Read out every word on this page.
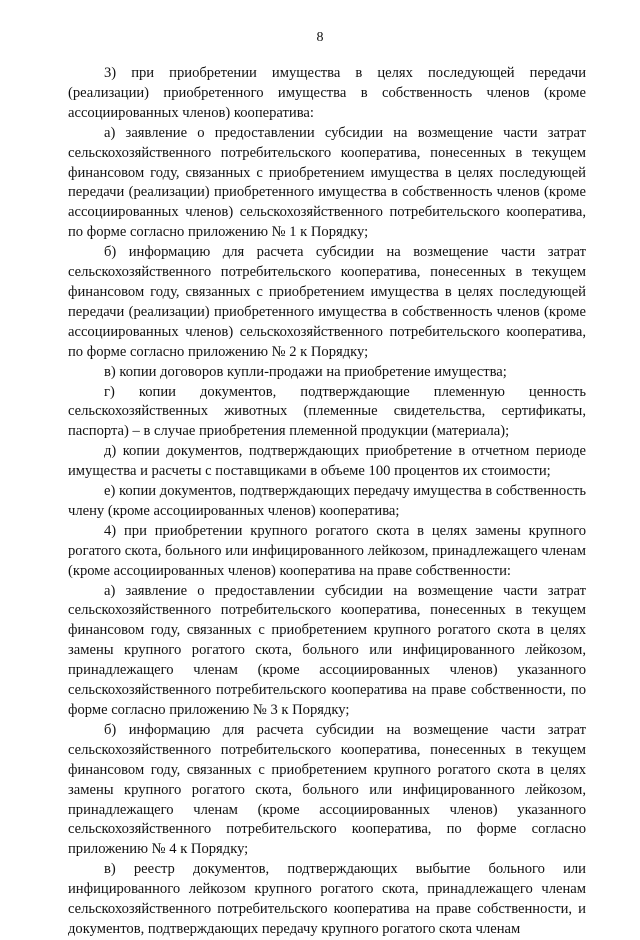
8

3) при приобретении имущества в целях последующей передачи (реализации) приобретенного имущества в собственность членов (кроме ассоциированных членов) кооператива:

а) заявление о предоставлении субсидии на возмещение части затрат сельскохозяйственного потребительского кооператива, понесенных в текущем финансовом году, связанных с приобретением имущества в целях последующей передачи (реализации) приобретенного имущества в собственность членов (кроме ассоциированных членов) сельскохозяйственного потребительского кооператива, по форме согласно приложению № 1 к Порядку;

б) информацию для расчета субсидии на возмещение части затрат сельскохозяйственного потребительского кооператива, понесенных в текущем финансовом году, связанных с приобретением имущества в целях последующей передачи (реализации) приобретенного имущества в собственность членов (кроме ассоциированных членов) сельскохозяйственного потребительского кооператива, по форме согласно приложению № 2 к Порядку;

в) копии договоров купли-продажи на приобретение имущества;

г) копии документов, подтверждающие племенную ценность сельскохозяйственных животных (племенные свидетельства, сертификаты, паспорта) – в случае приобретения племенной продукции (материала);

д) копии документов, подтверждающих приобретение в отчетном периоде имущества и расчеты с поставщиками в объеме 100 процентов их стоимости;

е) копии документов, подтверждающих передачу имущества в собственность члену (кроме ассоциированных членов) кооператива;

4) при приобретении крупного рогатого скота в целях замены крупного рогатого скота, больного или инфицированного лейкозом, принадлежащего членам (кроме ассоциированных членов) кооператива на праве собственности:

а) заявление о предоставлении субсидии на возмещение части затрат сельскохозяйственного потребительского кооператива, понесенных в текущем финансовом году, связанных с приобретением крупного рогатого скота в целях замены крупного рогатого скота, больного или инфицированного лейкозом, принадлежащего членам (кроме ассоциированных членов) указанного сельскохозяйственного потребительского кооператива на праве собственности, по форме согласно приложению № 3 к Порядку;

б) информацию для расчета субсидии на возмещение части затрат сельскохозяйственного потребительского кооператива, понесенных в текущем финансовом году, связанных с приобретением крупного рогатого скота в целях замены крупного рогатого скота, больного или инфицированного лейкозом, принадлежащего членам (кроме ассоциированных членов) указанного сельскохозяйственного потребительского кооператива, по форме согласно приложению № 4 к Порядку;

в) реестр документов, подтверждающих выбытие больного или инфицированного лейкозом крупного рогатого скота, принадлежащего членам сельскохозяйственного потребительского кооператива на праве собственности, и документов, подтверждающих передачу крупного рогатого скота членам
